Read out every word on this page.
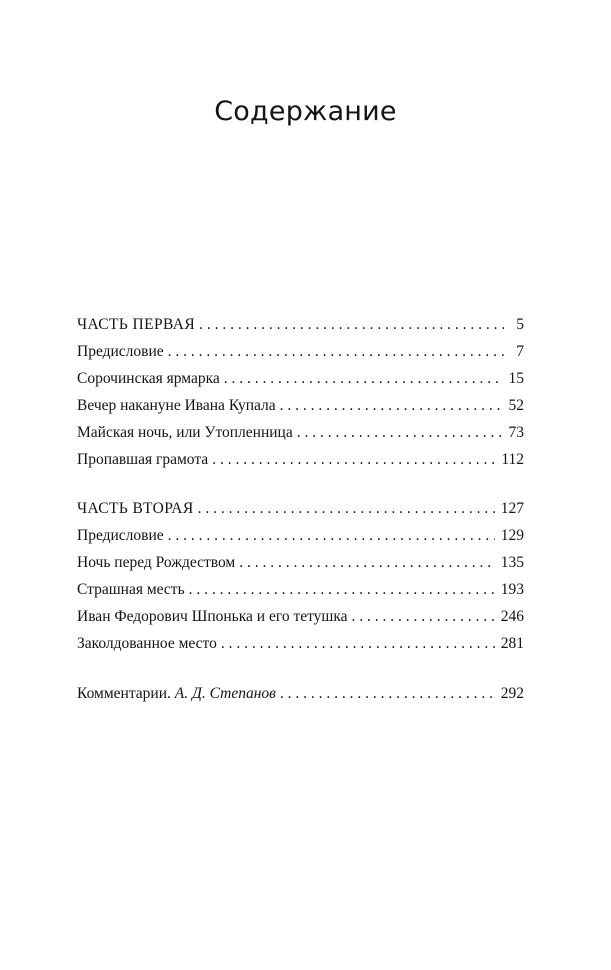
Содержание
ЧАСТЬ ПЕРВАЯ . . .	5
Предисловие . . .	7
Сорочинская ярмарка . . .	15
Вечер накануне Ивана Купала . . .	52
Майская ночь, или Утопленница . . .	73
Пропавшая грамота . . .	112
ЧАСТЬ ВТОРАЯ . . .	127
Предисловие . . .	129
Ночь перед Рождеством . . .	135
Страшная месть . . .	193
Иван Федорович Шпонька и его тетушка . . .	246
Заколдованное место . . .	281
Комментарии. А. Д. Степанов . . .	292
